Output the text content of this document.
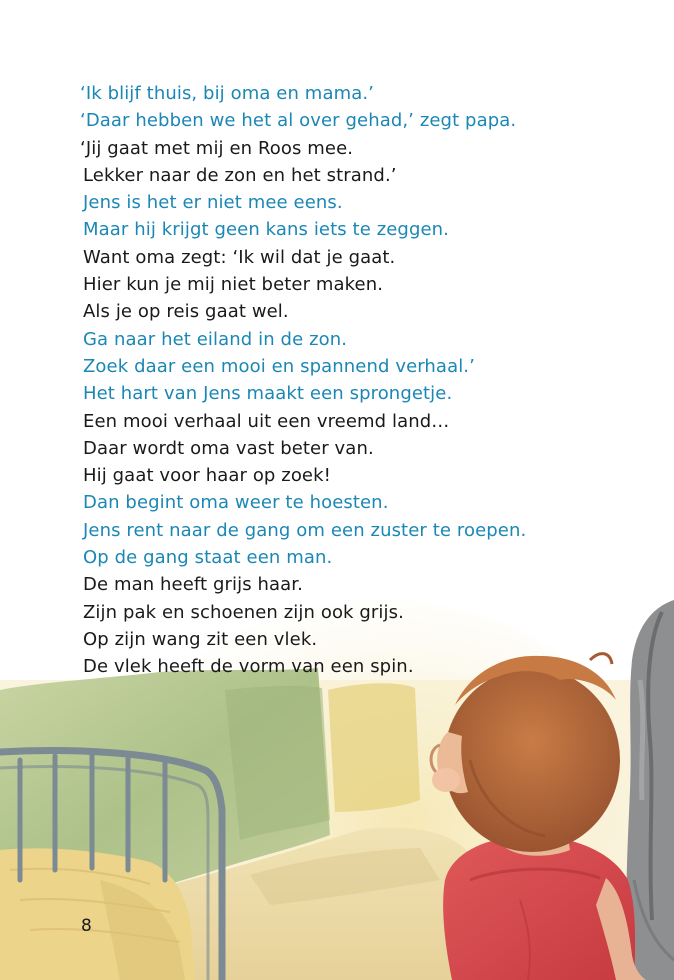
‘Ik blijf thuis, bij oma en mama.’
‘Daar hebben we het al over gehad,’ zegt papa.
‘Jij gaat met mij en Roos mee.
Lekker naar de zon en het strand.’
Jens is het er niet mee eens.
Maar hij krijgt geen kans iets te zeggen.
Want oma zegt: ‘Ik wil dat je gaat.
Hier kun je mij niet beter maken.
Als je op reis gaat wel.
Ga naar het eiland in de zon.
Zoek daar een mooi en spannend verhaal.’
Het hart van Jens maakt een sprongetje.
Een mooi verhaal uit een vreemd land…
Daar wordt oma vast beter van.
Hij gaat voor haar op zoek!
Dan begint oma weer te hoesten.
Jens rent naar de gang om een zuster te roepen.
Op de gang staat een man.
De man heeft grijs haar.
Zijn pak en schoenen zijn ook grijs.
Op zijn wang zit een vlek.
De vlek heeft de vorm van een spin.
8
